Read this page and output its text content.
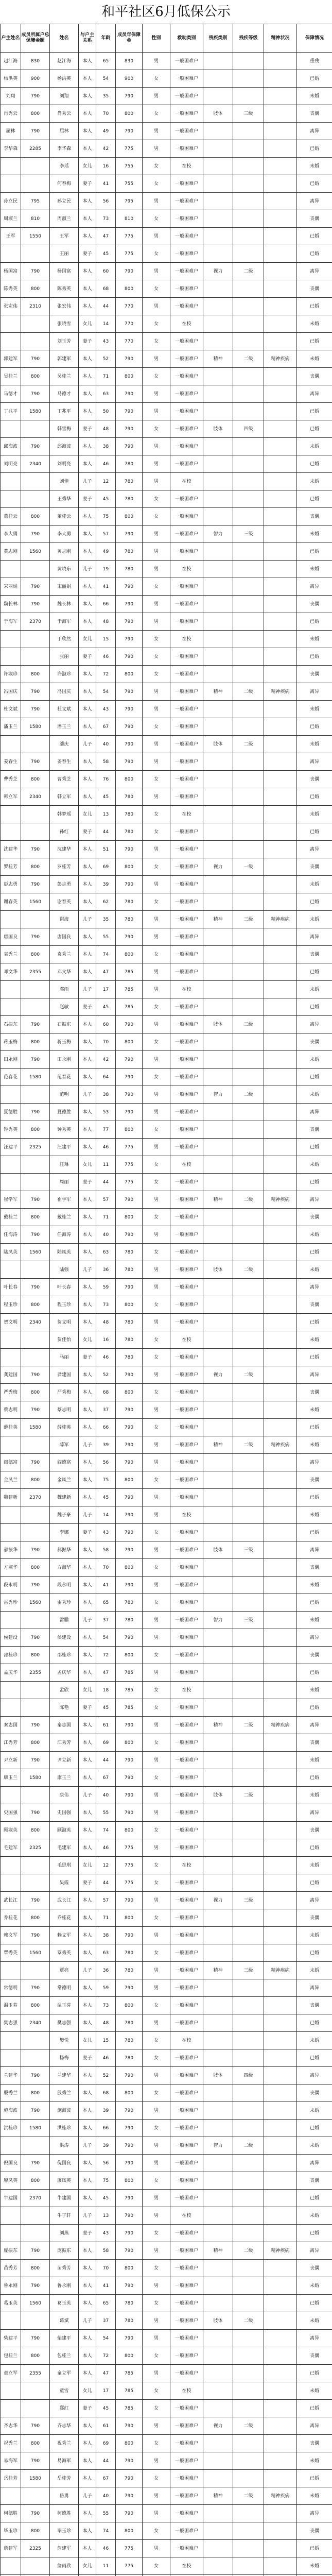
和平社区6月低保公示
户主姓名	成员所属户总保障金额	姓名	与户主关系	年龄	成员年保障金	性别	救助类别	残疾类别	残疾等级	精神状况	保障情况
赵江海	830	赵江海	本人	65	830	男	一般困难户				重残
杨洪英	900	杨洪英	本人	54	900	女	一般困难户				已婚
刘翔	790	刘翔	本人	35	790	男	一般困难户				未婚
肖秀云	800	肖秀云	本人	70	800	女	一般困难户	肢体	三级		丧偶
屈林	790	屈林	本人	49	790	男	一般困难户				离异
李华森	2285	李华森	本人	42	775	男	一般困难户				已婚
		李瑶	女儿	16	755	女	在校				未婚
		何春梅	妻子	41	755	女	一般困难户				已婚
孙立民	795	孙立民	本人	56	795	男	一般困难户				离异
周淑兰	810	周淑兰	本人	73	810	女	一般困难户				丧偶
王军	1550	王军	本人	47	775	男	一般困难户				已婚
		王丽	妻子	45	775	女	一般困难户				已婚
杨国富	790	杨国富	本人	60	790	男	一般困难户	视力	二级		离异
陈秀英	800	陈秀英	本人	68	800	女	一般困难户				丧偶
张宏伟	2310	张宏伟	本人	44	770	男	一般困难户				已婚
		张晓雪	女儿	14	770	女	在校				未婚
		刘玉芳	妻子	43	770	女	一般困难户				已婚
郭建军	790	郭建军	本人	52	790	男	一般困难户	精神	二级	精神疾病	未婚
吴桂兰	800	吴桂兰	本人	71	800	女	一般困难户				丧偶
马德才	790	马德才	本人	63	790	男	一般困难户				离异
丁兆平	1580	丁兆平	本人	50	790	男	一般困难户				已婚
		韩雪梅	妻子	48	790	女	一般困难户	肢体	四级		已婚
邱海波	790	邱海波	本人	38	790	男	一般困难户				未婚
刘明亮	2340	刘明亮	本人	46	780	男	一般困难户				已婚
		刘佳	儿子	12	780	男	在校				未婚
		王秀华	妻子	45	780	女	一般困难户				已婚
董桂云	800	董桂云	本人	75	800	女	一般困难户				丧偶
李大勇	790	李大勇	本人	57	790	男	一般困难户	智力	三级		未婚
黄志刚	1560	黄志刚	本人	49	780	男	一般困难户				已婚
		黄晓东	儿子	19	780	男	在校				未婚
宋丽娟	790	宋丽娟	本人	41	790	女	一般困难户				离异
魏长林	790	魏长林	本人	66	790	男	一般困难户				丧偶
于海军	2370	于海军	本人	48	790	男	一般困难户				已婚
		于欣然	女儿	15	790	女	在校				未婚
		张丽	妻子	46	790	女	一般困难户				已婚
许淑珍	800	许淑珍	本人	72	800	女	一般困难户				丧偶
冯国庆	790	冯国庆	本人	54	790	男	一般困难户	精神	二级	精神疾病	离异
杜文斌	790	杜文斌	本人	43	790	男	一般困难户				未婚
潘玉兰	1580	潘玉兰	本人	67	790	女	一般困难户				已婚
		潘庆	儿子	40	790	男	一般困难户	肢体	二级		未婚
姜春生	790	姜春生	本人	58	790	男	一般困难户				离异
曹秀芝	800	曹秀芝	本人	76	800	女	一般困难户				丧偶
韩立军	2340	韩立军	本人	45	780	男	一般困难户				已婚
		韩梦瑶	女儿	13	780	女	在校				未婚
		孙红	妻子	44	780	女	一般困难户				已婚
沈建华	790	沈建华	本人	51	790	男	一般困难户				离异
罗桂芳	800	罗桂芳	本人	69	800	女	一般困难户	视力	一级		丧偶
彭志勇	790	彭志勇	本人	39	790	男	一般困难户				未婚
谢春英	1560	谢春英	本人	62	780	女	一般困难户				已婚
		谢海	儿子	35	780	男	一般困难户	精神	三级	精神疾病	未婚
唐国良	790	唐国良	本人	55	790	男	一般困难户				离异
袁秀兰	800	袁秀兰	本人	74	800	女	一般困难户				丧偶
邓文华	2355	邓文华	本人	47	785	男	一般困难户				已婚
		邓雨	儿子	17	785	男	在校				未婚
		赵敏	妻子	45	785	女	一般困难户				已婚
石振东	790	石振东	本人	60	790	男	一般困难户	肢体	三级		离异
蒋玉梅	800	蒋玉梅	本人	70	800	女	一般困难户				丧偶
田永刚	790	田永刚	本人	42	790	男	一般困难户				未婚
范春花	1580	范春花	本人	64	790	女	一般困难户				已婚
		范明	儿子	38	790	男	一般困难户	智力	二级		未婚
夏德胜	790	夏德胜	本人	53	790	男	一般困难户				离异
钟秀英	800	钟秀英	本人	77	800	女	一般困难户				丧偶
汪建平	2325	汪建平	本人	46	775	男	一般困难户				已婚
		汪琳	女儿	11	775	女	在校				未婚
		周丽	妻子	44	775	女	一般困难户				已婚
崔学军	790	崔学军	本人	57	790	男	一般困难户	精神	二级	精神疾病	离异
戴桂兰	800	戴桂兰	本人	71	800	女	一般困难户				丧偶
任海涛	790	任海涛	本人	40	790	男	一般困难户				未婚
陆凤英	1560	陆凤英	本人	63	780	女	一般困难户				已婚
		陆强	儿子	36	780	男	一般困难户	肢体	二级		未婚
叶长春	790	叶长春	本人	59	790	男	一般困难户				离异
程玉珍	800	程玉珍	本人	73	800	女	一般困难户				丧偶
贺文明	2340	贺文明	本人	48	780	男	一般困难户				已婚
		贺佳怡	女儿	16	780	女	在校				未婚
		马丽	妻子	46	780	女	一般困难户				已婚
龚建国	790	龚建国	本人	52	790	男	一般困难户	视力	二级		离异
严秀梅	800	严秀梅	本人	68	800	女	一般困难户				丧偶
蔡志明	790	蔡志明	本人	37	790	男	一般困难户				未婚
薛桂英	1580	薛桂英	本人	66	790	女	一般困难户				已婚
		薛军	儿子	39	790	男	一般困难户	精神	二级	精神疾病	未婚
阎德富	790	阎德富	本人	56	790	男	一般困难户				离异
金凤兰	800	金凤兰	本人	75	800	女	一般困难户				丧偶
魏建新	2370	魏建新	本人	45	790	男	一般困难户				已婚
		魏子豪	儿子	14	790	男	在校				未婚
		李娜	妻子	43	790	女	一般困难户				已婚
郝振华	790	郝振华	本人	58	790	男	一般困难户	肢体	三级		离异
方淑华	800	方淑华	本人	70	800	女	一般困难户				丧偶
段永明	790	段永明	本人	41	790	男	一般困难户				未婚
雷秀珍	1560	雷秀珍	本人	65	780	女	一般困难户				已婚
		雷鹏	儿子	37	780	男	一般困难户	智力	三级		未婚
侯建设	790	侯建设	本人	54	790	男	一般困难户				离异
邵桂珍	800	邵桂珍	本人	72	800	女	一般困难户				丧偶
孟庆华	2355	孟庆华	本人	47	785	男	一般困难户				已婚
		孟欣	女儿	18	785	女	在校				未婚
		陈艳	妻子	45	785	女	一般困难户				已婚
秦志国	790	秦志国	本人	61	790	男	一般困难户	精神	二级	精神疾病	离异
江秀芳	800	江秀芳	本人	69	800	女	一般困难户				丧偶
尹立新	790	尹立新	本人	44	790	男	一般困难户				未婚
康玉兰	1580	康玉兰	本人	67	790	女	一般困难户				已婚
		康伟	儿子	40	790	男	一般困难户	肢体	二级		未婚
史国强	790	史国强	本人	55	790	男	一般困难户				离异
顾淑英	800	顾淑英	本人	74	800	女	一般困难户				丧偶
毛建军	2325	毛建军	本人	46	775	男	一般困难户				已婚
		毛思琪	女儿	12	775	女	在校				未婚
		吴霞	妻子	44	775	女	一般困难户				已婚
武长江	790	武长江	本人	57	790	男	一般困难户	视力	三级		离异
乔桂花	800	乔桂花	本人	71	800	女	一般困难户				丧偶
赖文军	790	赖文军	本人	38	790	男	一般困难户				未婚
覃秀英	1560	覃秀英	本人	63	780	女	一般困难户				已婚
		覃亮	儿子	36	780	男	一般困难户	精神	三级	精神疾病	未婚
常德明	790	常德明	本人	59	790	男	一般困难户				离异
温玉芬	800	温玉芬	本人	73	800	女	一般困难户				丧偶
樊志强	2340	樊志强	本人	48	780	男	一般困难户				已婚
		樊悦	女儿	15	780	女	在校				未婚
		杨梅	妻子	46	780	女	一般困难户				已婚
兰建华	790	兰建华	本人	52	790	男	一般困难户	肢体	四级		离异
殷秀兰	800	殷秀兰	本人	68	800	女	一般困难户				丧偶
施海波	790	施海波	本人	39	790	男	一般困难户				未婚
洪桂珍	1580	洪桂珍	本人	66	790	女	一般困难户				已婚
		洪涛	儿子	39	790	男	一般困难户	智力	二级		未婚
倪国良	790	倪国良	本人	56	790	男	一般困难户				离异
廖凤英	800	廖凤英	本人	75	800	女	一般困难户				丧偶
牛建国	2370	牛建国	本人	45	790	男	一般困难户				已婚
		牛子轩	儿子	13	790	男	在校				未婚
		刘燕	妻子	43	790	女	一般困难户				已婚
庞振东	790	庞振东	本人	58	790	男	一般困难户	精神	二级	精神疾病	离异
苗秀芳	800	苗秀芳	本人	70	800	女	一般困难户				丧偶
鲁永刚	790	鲁永刚	本人	41	790	男	一般困难户				未婚
葛玉英	1560	葛玉英	本人	65	780	女	一般困难户				已婚
		葛斌	儿子	37	780	男	一般困难户	肢体	二级		未婚
柴建平	790	柴建平	本人	54	790	男	一般困难户				离异
包桂兰	800	包桂兰	本人	72	800	女	一般困难户				丧偶
童立军	2355	童立军	本人	47	785	男	一般困难户				已婚
		童雪	女儿	17	785	女	在校				未婚
		郑红	妻子	45	785	女	一般困难户				已婚
齐志华	790	齐志华	本人	61	790	男	一般困难户	视力	二级		离异
祝秀兰	800	祝秀兰	本人	69	800	女	一般困难户				丧偶
易海军	790	易海军	本人	44	790	男	一般困难户				未婚
岳桂芳	1580	岳桂芳	本人	67	790	女	一般困难户				已婚
		岳勇	儿子	40	790	男	一般困难户	精神	二级	精神疾病	未婚
柯德胜	790	柯德胜	本人	55	790	男	一般困难户				离异
毕玉珍	800	毕玉珍	本人	74	800	女	一般困难户				丧偶
詹建军	2325	詹建军	本人	46	775	男	一般困难户				已婚
		詹雨欣	女儿	11	775	女	在校				未婚
